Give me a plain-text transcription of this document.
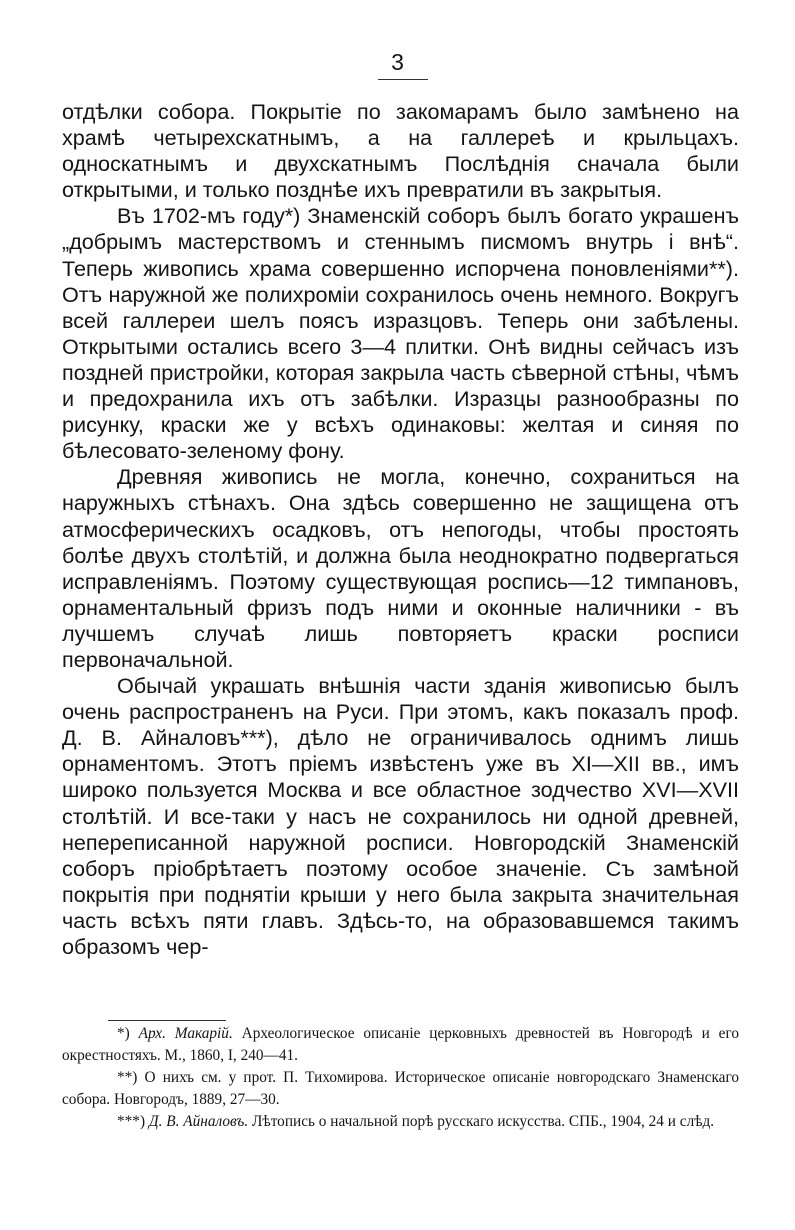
3

отдѣлки собора. Покрытіе по закомарамъ было замѣнено на храмѣ четырехскатнымъ, а на галлереѣ и крыльцахъ. односкатнымъ и двухскатнымъ Послѣднія сначала были открытыми, и только позднѣе ихъ превратили въ закрытыя.

Въ 1702-мъ году*) Знаменскій соборъ былъ богато украшенъ „добрымъ мастерствомъ и стеннымъ писмомъ внутрь і внѣ“. Теперь живопись храма совершенно испорчена поновленіями**). Отъ наружной же полихроміи сохранилось очень немного. Вокругъ всей галлереи шелъ поясъ изразцовъ. Теперь они забѣлены. Открытыми остались всего 3—4 плитки. Онѣ видны сейчасъ изъ поздней пристройки, которая закрыла часть сѣверной стѣны, чѣмъ и предохранила ихъ отъ забѣлки. Изразцы разнообразны по рисунку, краски же у всѣхъ одинаковы: желтая и синяя по бѣлесовато-зеленому фону.

Древняя живопись не могла, конечно, сохраниться на наружныхъ стѣнахъ. Она здѣсь совершенно не защищена отъ атмосферическихъ осадковъ, отъ непогоды, чтобы простоять болѣе двухъ столѣтій, и должна была неоднократно подвергаться исправленіямъ. Поэтому существующая роспись—12 тимпановъ, орнаментальный фризъ подъ ними и оконные наличники - въ лучшемъ случаѣ лишь повторяетъ краски росписи первоначальной.

Обычай украшать внѣшнія части зданія живописью былъ очень распространенъ на Руси. При этомъ, какъ показалъ проф. Д. В. Айналовъ***), дѣло не ограничивалось однимъ лишь орнаментомъ. Этотъ пріемъ извѣстенъ уже въ XI—XII вв., имъ широко пользуется Москва и все областное зодчество XVI—XVII столѣтій. И все-таки у насъ не сохранилось ни одной древней, непереписанной наружной росписи. Новгородскій Знаменскій соборъ пріобрѣтаетъ поэтому особое значеніе. Съ замѣной покрытія при поднятіи крыши у него была закрыта значительная часть всѣхъ пяти главъ. Здѣсь-то, на образовавшемся такимъ образомъ чер-

*) Арх. Макарій. Археологическое описаніе церковныхъ древностей въ Новгородѣ и его окрестностяхъ. М., 1860, I, 240—41.

**) О нихъ см. у прот. П. Тихомирова. Историческое описаніе новгородскаго Знаменскаго собора. Новгородъ, 1889, 27—30.

***) Д. В. Айналовъ. Лѣтопись о начальной порѣ русскаго искусства. СПБ., 1904, 24 и слѣд.
